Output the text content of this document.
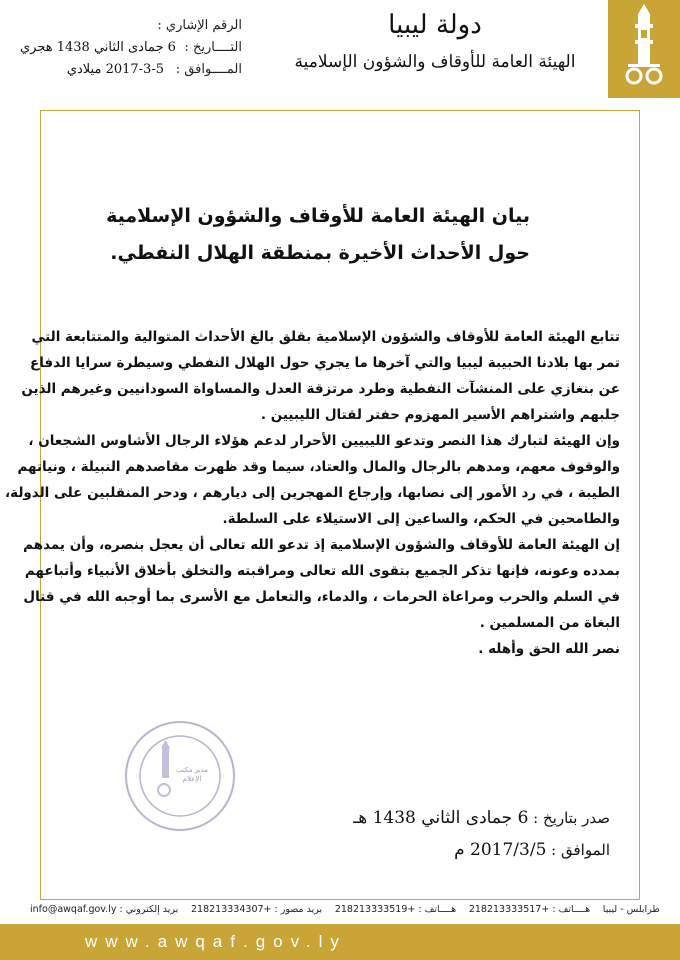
دولة ليبيا
الهيئة العامة للأوقاف والشؤون الإسلامية
الرقم الإشاري :
التــــاريخ :
6 جمادى الثاني 1438 هجري
المــــوافق :
2017-3-5 ميلادي
بيان الهيئة العامة للأوقاف والشؤون الإسلامية
حول الأحداث الأخيرة بمنطقة الهلال النفطي.
تتابع الهيئة العامة للأوقاف والشؤون الإسلامية بقلق بالغ الأحداث المتوالية والمتتابعة التي
تمر بها بلادنا الحبيبة ليبيا والتي آخرها ما يجري حول الهلال النفطي وسيطرة سرايا الدفاع
عن بنغازي على المنشآت النفطية وطرد مرتزقة العدل والمساواة السودانيين وغيرهم الذين
جلبهم واشتراهم الأسير المهزوم حفتر لقتال الليبيين .
وإن الهيئة لتبارك هذا النصر وتدعو الليبيين الأحرار لدعم هؤلاء الرجال الأشاوس الشجعان ،
والوقوف معهم، ومدهم بالرجال والمال والعتاد، سيما وقد ظهرت مقاصدهم النبيلة ، ونياتهم
الطيبة ، في رد الأمور إلى نصابها، وإرجاع المهجرين إلى ديارهم ، ودحر المنقلبين على الدولة،
والطامحين في الحكم، والساعين إلى الاستيلاء على السلطة.
إن الهيئة العامة للأوقاف والشؤون الإسلامية إذ تدعو الله تعالى أن يعجل بنصره، وأن يمدهم
بمدده وعونه، فإنها تذكر الجميع بتقوى الله تعالى ومراقبته والتخلق بأخلاق الأنبياء وأتباعهم
في السلم والحرب ومراعاة الحرمات ، والدماء، والتعامل مع الأسرى بما أوجبه الله في قتال
البغاة من المسلمين .
نصر الله الحق وأهله .
مدير مكتب الإعلام
صدر بتاريخ : 6 جمادى الثاني 1438 هـ
الموافق : 2017/3/5 م
طرابلس - ليبيا
هــــاتف : +218213333517
هــــاتف : +218213333519
بريد مصور : +218213334307
بريد إلكتروني : info@awqaf.gov.ly
www.awqaf.gov.ly
